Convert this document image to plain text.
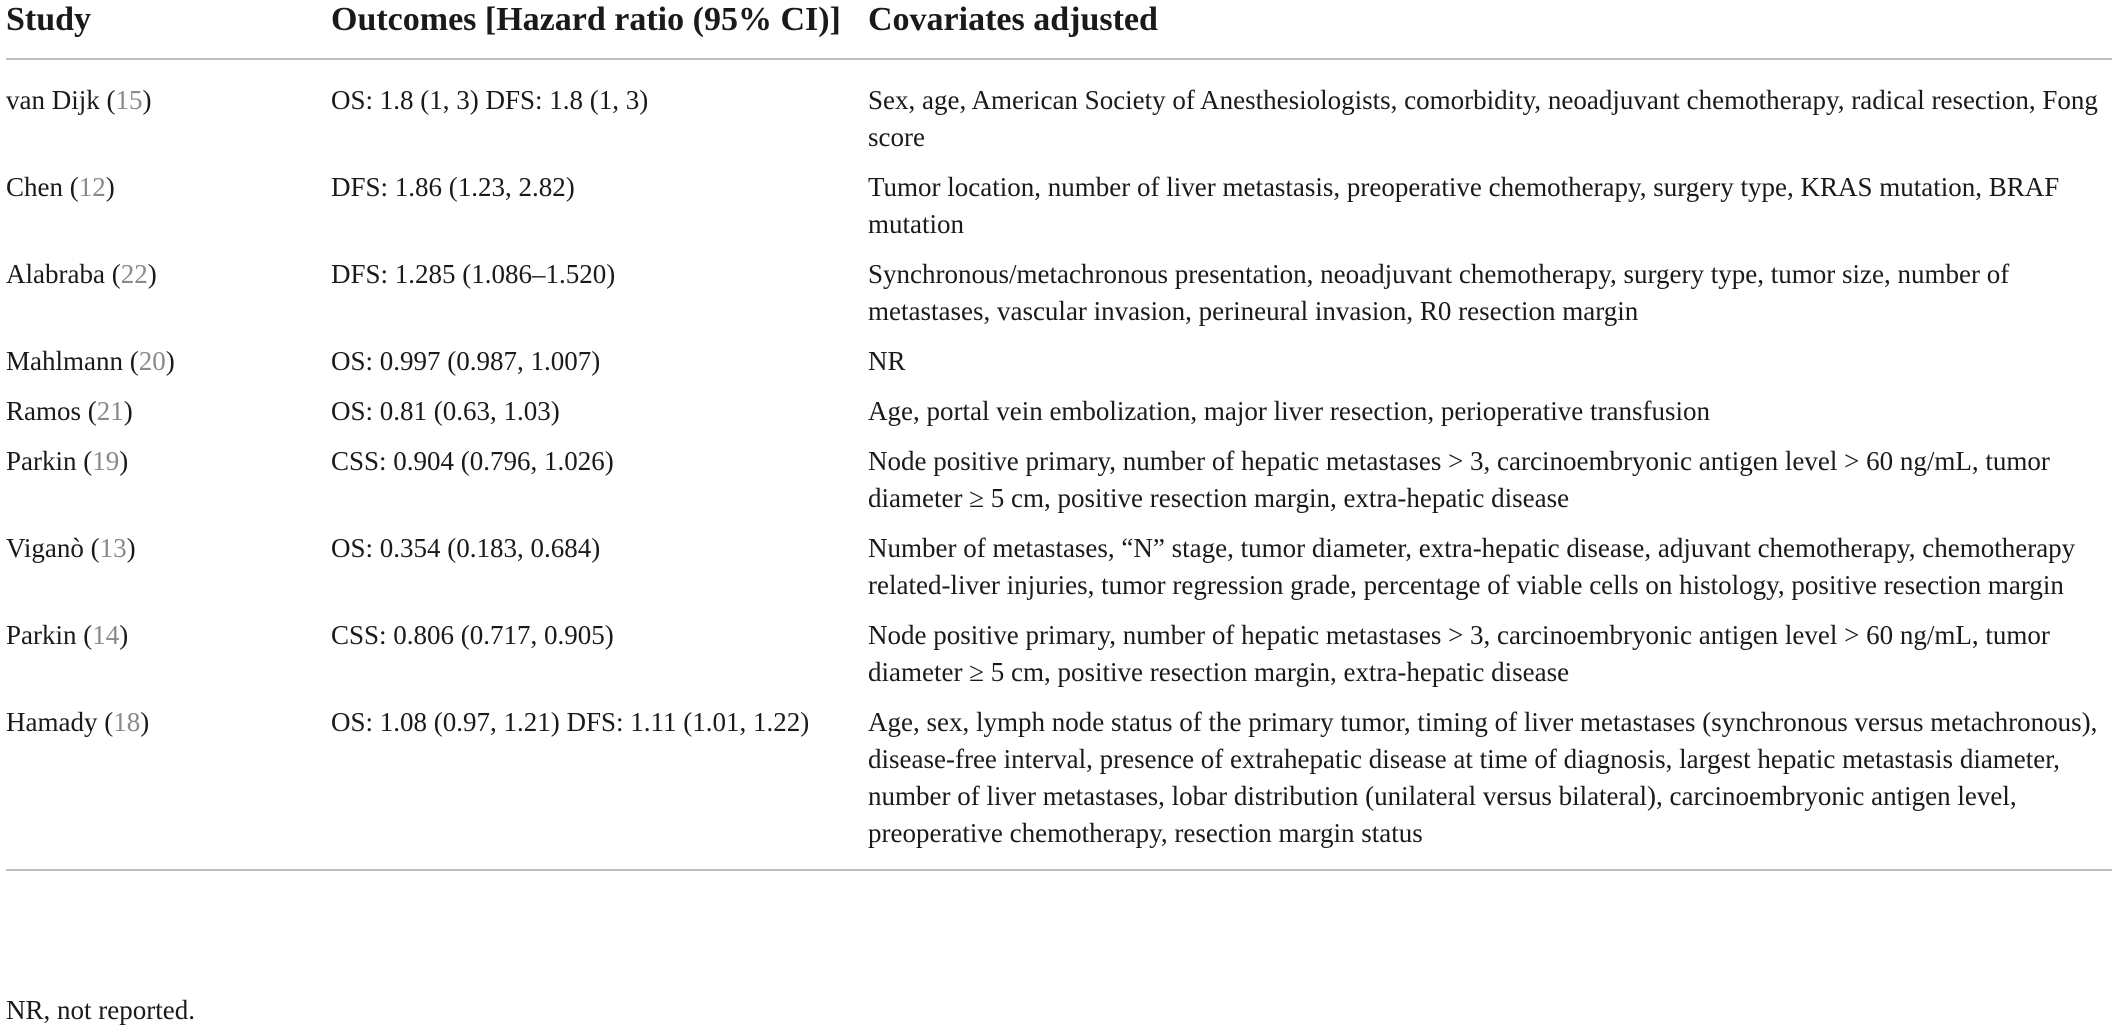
Study	Outcomes [Hazard ratio (95% CI)]	Covariates adjusted
van Dijk (15)	OS: 1.8 (1, 3) DFS: 1.8 (1, 3)	Sex, age, American Society of Anesthesiologists, comorbidity, neoadjuvant chemotherapy, radical resection, Fong score
Chen (12)	DFS: 1.86 (1.23, 2.82)	Tumor location, number of liver metastasis, preoperative chemotherapy, surgery type, KRAS mutation, BRAF mutation
Alabraba (22)	DFS: 1.285 (1.086–1.520)	Synchronous/metachronous presentation, neoadjuvant chemotherapy, surgery type, tumor size, number of metastases, vascular invasion, perineural invasion, R0 resection margin
Mahlmann (20)	OS: 0.997 (0.987, 1.007)	NR
Ramos (21)	OS: 0.81 (0.63, 1.03)	Age, portal vein embolization, major liver resection, perioperative transfusion
Parkin (19)	CSS: 0.904 (0.796, 1.026)	Node positive primary, number of hepatic metastases > 3, carcinoembryonic antigen level > 60 ng/mL, tumor diameter ≥ 5 cm, positive resection margin, extra-hepatic disease
Viganò (13)	OS: 0.354 (0.183, 0.684)	Number of metastases, “N” stage, tumor diameter, extra-hepatic disease, adjuvant chemotherapy, chemotherapy related-liver injuries, tumor regression grade, percentage of viable cells on histology, positive resection margin
Parkin (14)	CSS: 0.806 (0.717, 0.905)	Node positive primary, number of hepatic metastases > 3, carcinoembryonic antigen level > 60 ng/mL, tumor diameter ≥ 5 cm, positive resection margin, extra-hepatic disease
Hamady (18)	OS: 1.08 (0.97, 1.21) DFS: 1.11 (1.01, 1.22)	Age, sex, lymph node status of the primary tumor, timing of liver metastases (synchronous versus metachronous), disease-free interval, presence of extrahepatic disease at time of diagnosis, largest hepatic metastasis diameter, number of liver metastases, lobar distribution (unilateral versus bilateral), carcinoembryonic antigen level, preoperative chemotherapy, resection margin status
NR, not reported.
